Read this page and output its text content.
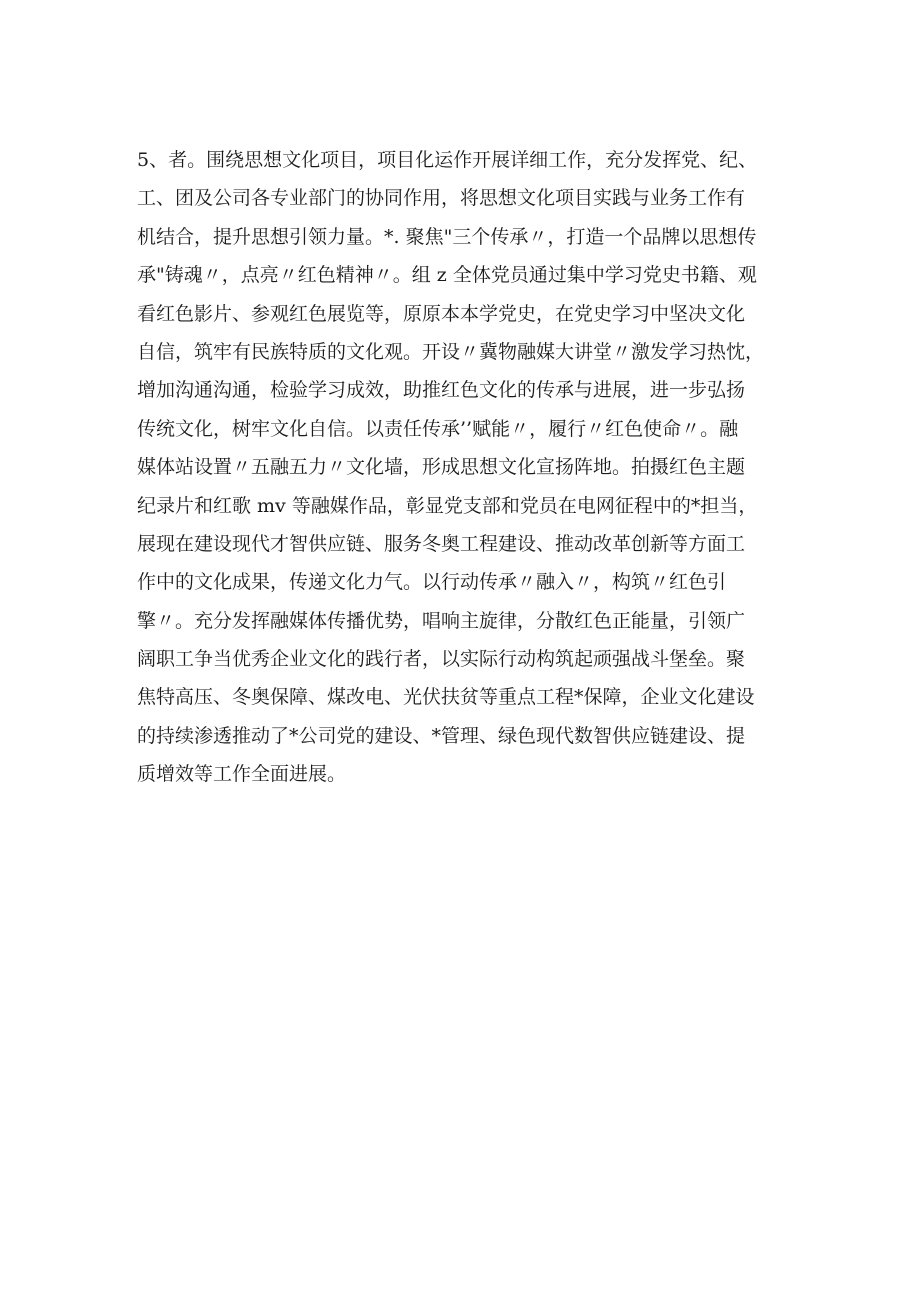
5、者。围绕思想文化项目，项目化运作开展详细工作，充分发挥党、纪、
工、团及公司各专业部门的协同作用，将思想文化项目实践与业务工作有
机结合，提升思想引领力量。*. 聚焦"三个传承〃，打造一个品牌以思想传
承"铸魂〃，点亮〃红色精神〃。组 z 全体党员通过集中学习党史书籍、观
看红色影片、参观红色展览等，原原本本学党史，在党史学习中坚决文化
自信，筑牢有民族特质的文化观。开设〃冀物融媒大讲堂〃激发学习热忱，
增加沟通沟通，检验学习成效，助推红色文化的传承与进展，进一步弘扬
传统文化，树牢文化自信。以责任传承’’赋能〃，履行〃红色使命〃。融
媒体站设置〃五融五力〃文化墙，形成思想文化宣扬阵地。拍摄红色主题
纪录片和红歌 mv 等融媒作品，彰显党支部和党员在电网征程中的*担当，
展现在建设现代才智供应链、服务冬奥工程建设、推动改革创新等方面工
作中的文化成果，传递文化力气。以行动传承〃融入〃，构筑〃红色引
擎〃。充分发挥融媒体传播优势，唱响主旋律，分散红色正能量，引领广
阔职工争当优秀企业文化的践行者，以实际行动构筑起顽强战斗堡垒。聚
焦特高压、冬奥保障、煤改电、光伏扶贫等重点工程*保障，企业文化建设
的持续渗透推动了*公司党的建设、*管理、绿色现代数智供应链建设、提
质增效等工作全面进展。
